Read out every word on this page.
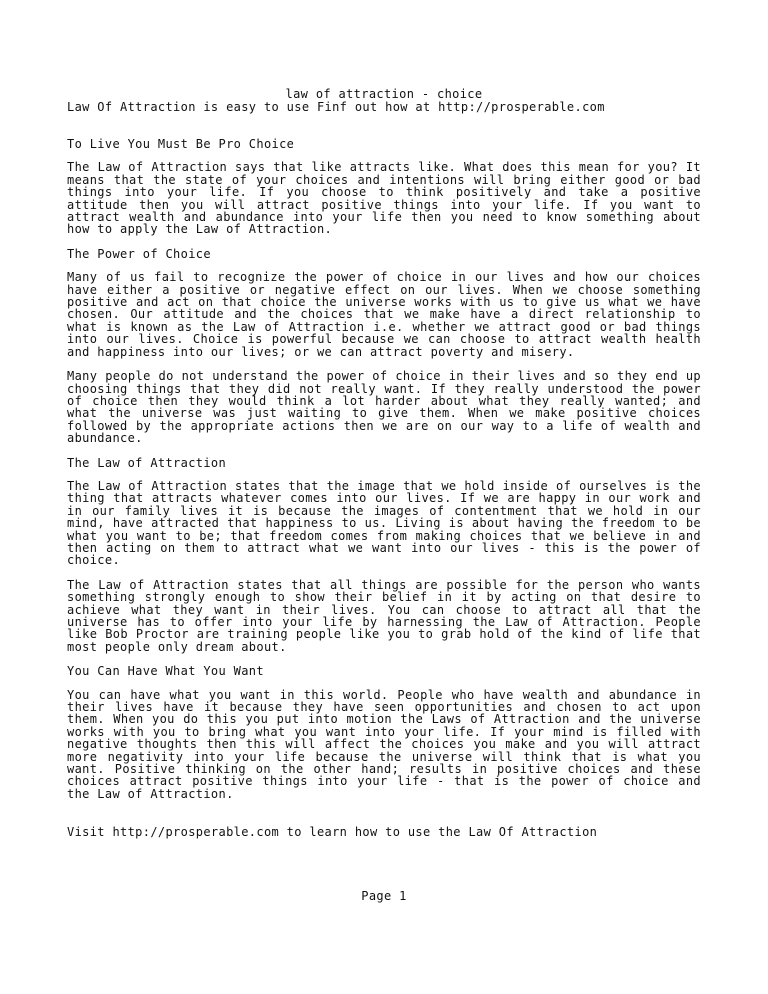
law of attraction - choice
Law Of Attraction is easy to use Finf out how at http://prosperable.com
To Live You Must Be Pro Choice
The Law of Attraction says that like attracts like. What does this mean for you? It means that the state of your choices and intentions will bring either good or bad things into your life. If you choose to think positively and take a positive attitude then you will attract positive things into your life. If you want to attract wealth and abundance into your life then you need to know something about how to apply the Law of Attraction.
The Power of Choice
Many of us fail to recognize the power of choice in our lives and how our choices have either a positive or negative effect on our lives. When we choose something positive and act on that choice the universe works with us to give us what we have chosen. Our attitude and the choices that we make have a direct relationship to what is known as the Law of Attraction i.e. whether we attract good or bad things into our lives. Choice is powerful because we can choose to attract wealth health and happiness into our lives; or we can attract poverty and misery.
Many people do not understand the power of choice in their lives and so they end up choosing things that they did not really want. If they really understood the power of choice then they would think a lot harder about what they really wanted; and what the universe was just waiting to give them. When we make positive choices followed by the appropriate actions then we are on our way to a life of wealth and abundance.
The Law of Attraction
The Law of Attraction states that the image that we hold inside of ourselves is the thing that attracts whatever comes into our lives. If we are happy in our work and in our family lives it is because the images of contentment that we hold in our mind, have attracted that happiness to us. Living is about having the freedom to be what you want to be; that freedom comes from making choices that we believe in and then acting on them to attract what we want into our lives - this is the power of choice.
The Law of Attraction states that all things are possible for the person who wants something strongly enough to show their belief in it by acting on that desire to achieve what they want in their lives. You can choose to attract all that the universe has to offer into your life by harnessing the Law of Attraction. People like Bob Proctor are training people like you to grab hold of the kind of life that most people only dream about.
You Can Have What You Want
You can have what you want in this world. People who have wealth and abundance in their lives have it because they have seen opportunities and chosen to act upon them. When you do this you put into motion the Laws of Attraction and the universe works with you to bring what you want into your life. If your mind is filled with negative thoughts then this will affect the choices you make and you will attract more negativity into your life because the universe will think that is what you want. Positive thinking on the other hand; results in positive choices and these choices attract positive things into your life - that is the power of choice and the Law of Attraction.
Visit http://prosperable.com to learn how to use the Law Of Attraction
Page 1
